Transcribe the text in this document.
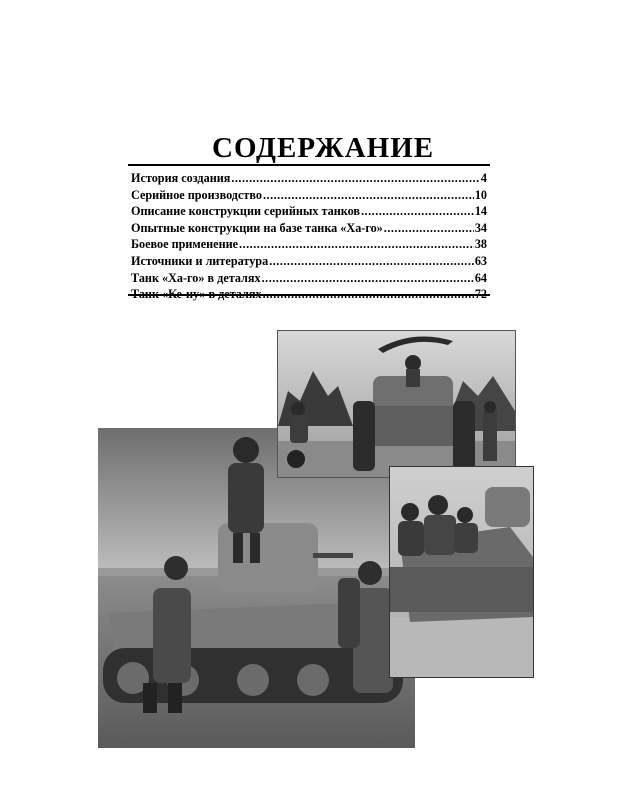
СОДЕРЖАНИЕ
История создания .....	4
Серийное производство .....	10
Описание конструкции серийных танков .....	14
Опытные конструкции на базе танка «Ха-го» .....	34
Боевое применение .....	38
Источники и литература .....	63
Танк «Ха-го» в деталях .....	64
Танк «Ке-ну» в деталях .....	72
